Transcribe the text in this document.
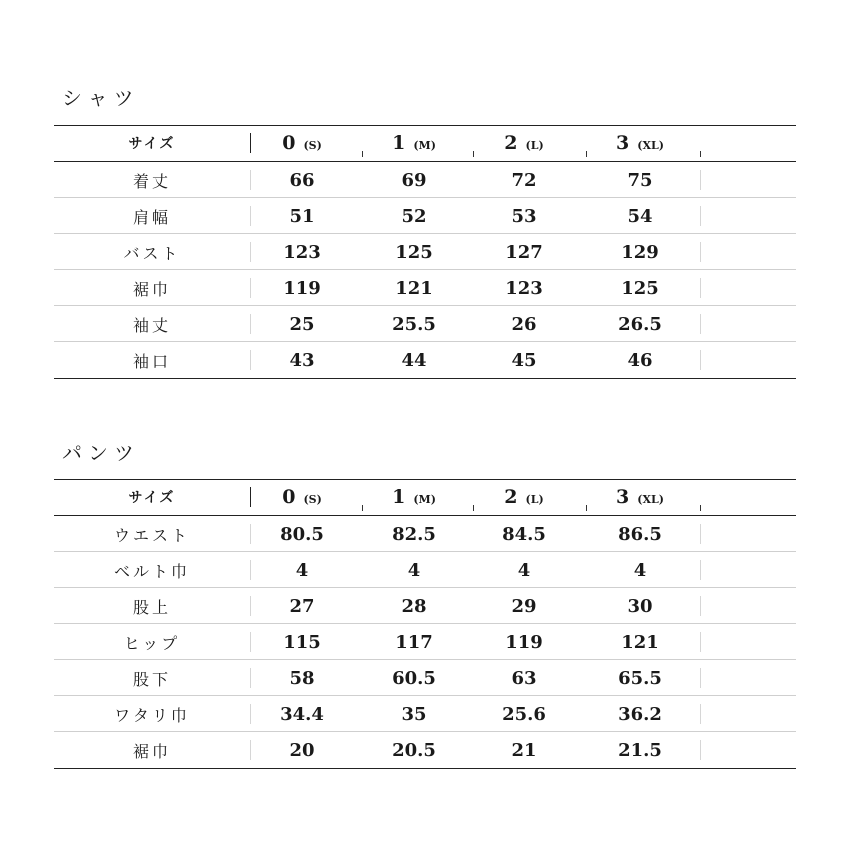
シャツ
サイズ	0 (S)	1 (M)	2 (L)	3 (XL)
着丈	66	69	72	75
肩幅	51	52	53	54
バスト	123	125	127	129
裾巾	119	121	123	125
袖丈	25	25.5	26	26.5
袖口	43	44	45	46
パンツ
サイズ	0 (S)	1 (M)	2 (L)	3 (XL)
ウエスト	80.5	82.5	84.5	86.5
ベルト巾	4	4	4	4
股上	27	28	29	30
ヒップ	115	117	119	121
股下	58	60.5	63	65.5
ワタリ巾	34.4	35	25.6	36.2
裾巾	20	20.5	21	21.5
